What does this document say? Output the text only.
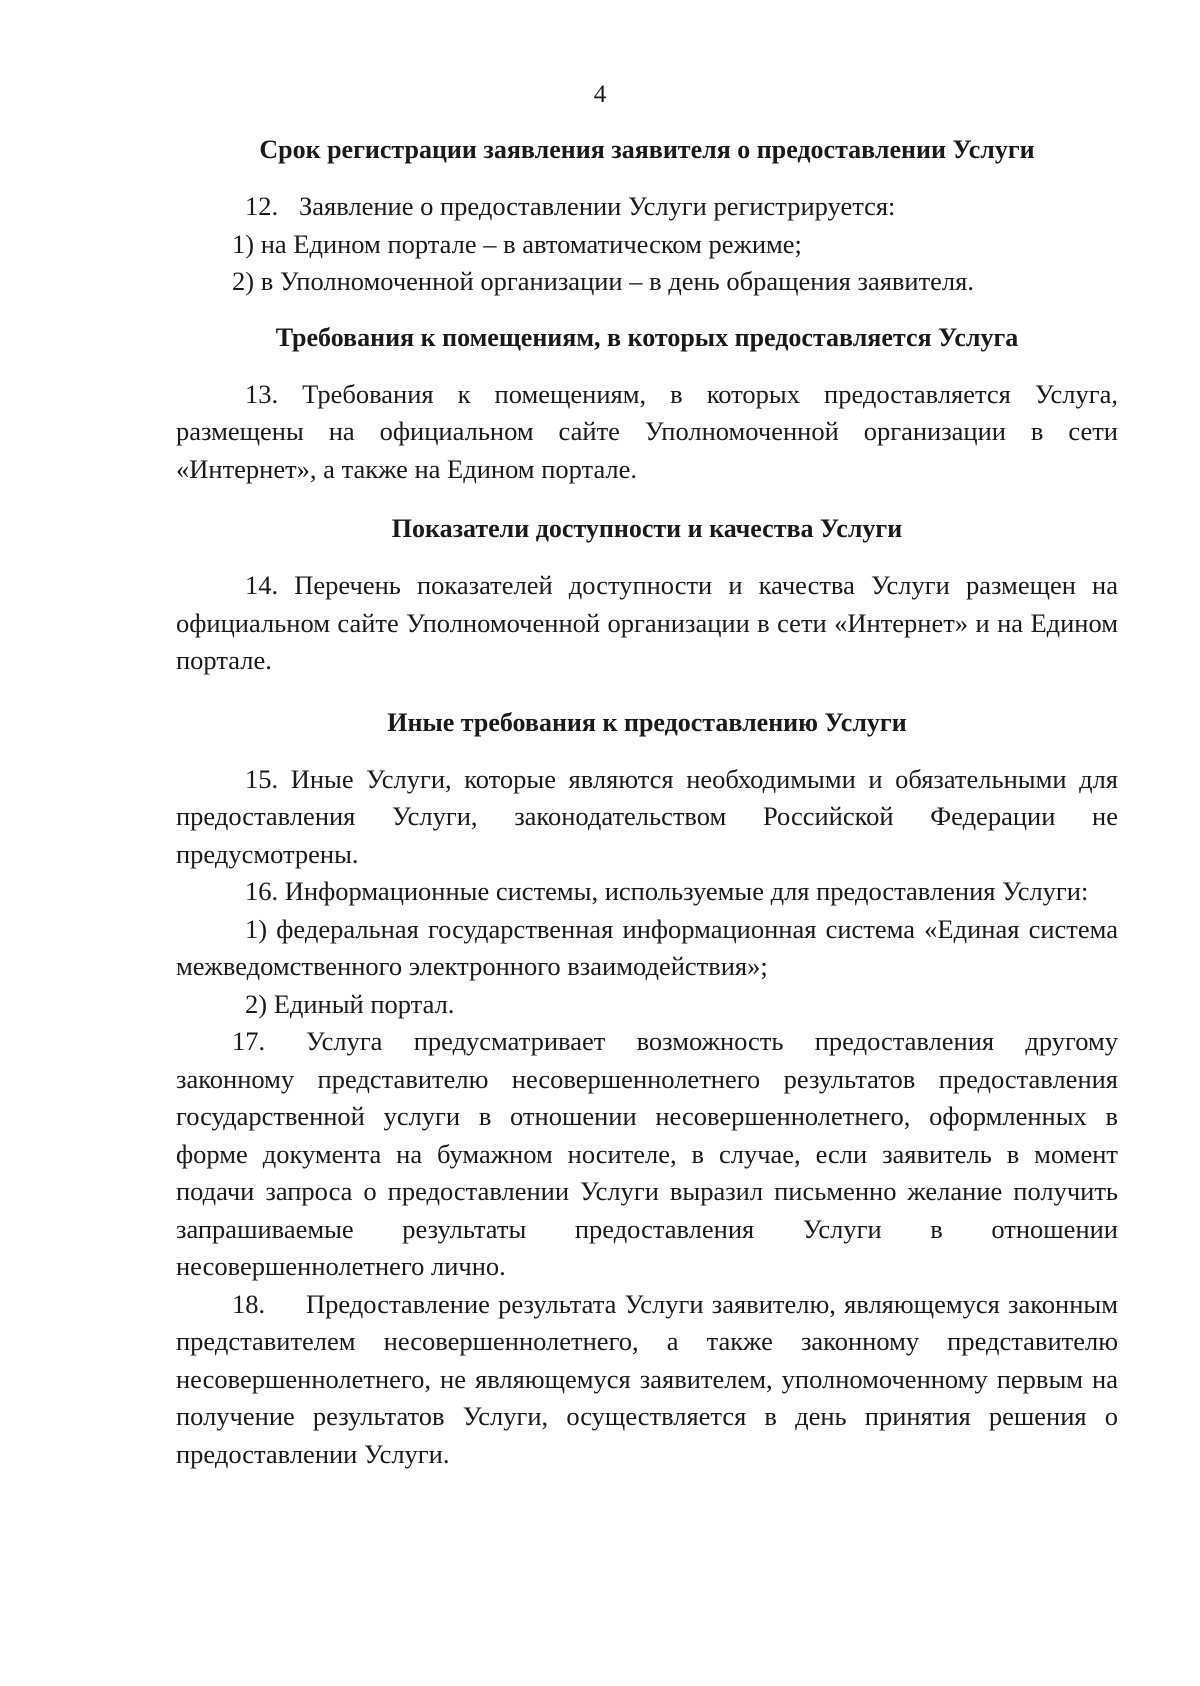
4
Срок регистрации заявления заявителя о предоставлении Услуги

12. Заявление о предоставлении Услуги регистрируется:

1) на Едином портале – в автоматическом режиме;

2) в Уполномоченной организации – в день обращения заявителя.

Требования к помещениям, в которых предоставляется Услуга

13. Требования к помещениям, в которых предоставляется Услуга, размещены на официальном сайте Уполномоченной организации в сети «Интернет», а также на Едином портале.

Показатели доступности и качества Услуги

14. Перечень показателей доступности и качества Услуги размещен на официальном сайте Уполномоченной организации в сети «Интернет» и на Едином портале.

Иные требования к предоставлению Услуги

15. Иные Услуги, которые являются необходимыми и обязательными для предоставления Услуги, законодательством Российской Федерации не предусмотрены.

16. Информационные системы, используемые для предоставления Услуги:

1) федеральная государственная информационная система «Единая система межведомственного электронного взаимодействия»;

2) Единый портал.

17. Услуга предусматривает возможность предоставления другому законному представителю несовершеннолетнего результатов предоставления государственной услуги в отношении несовершеннолетнего, оформленных в форме документа на бумажном носителе, в случае, если заявитель в момент подачи запроса о предоставлении Услуги выразил письменно желание получить запрашиваемые результаты предоставления Услуги в отношении несовершеннолетнего лично.

18. Предоставление результата Услуги заявителю, являющемуся законным представителем несовершеннолетнего, а также законному представителю несовершеннолетнего, не являющемуся заявителем, уполномоченному первым на получение результатов Услуги, осуществляется в день принятия решения о предоставлении Услуги.
